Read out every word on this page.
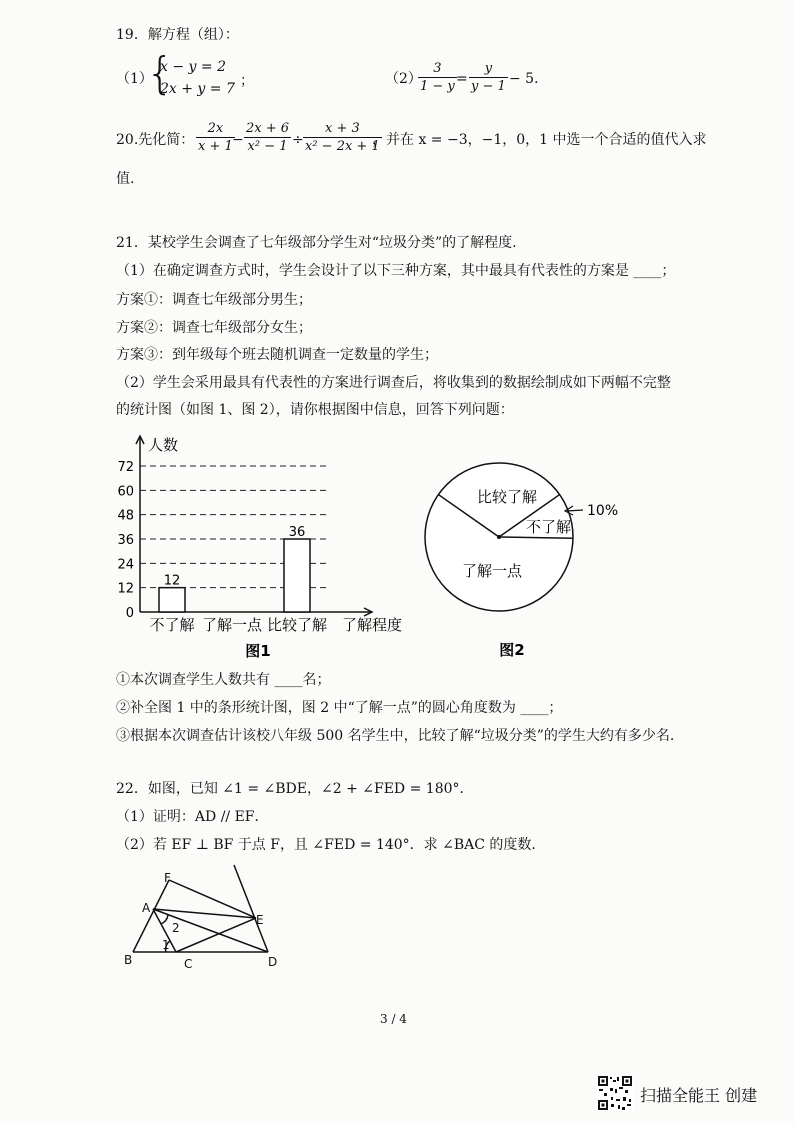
19．解方程（组）：
（1）
{
x − y = 2
2x + y = 7 ；	（2）
$\frac{3}{1 - y} = \frac{y}{y - 1} - 5$．
20.先化简： $\frac{2x}{x + 1}$
− $\frac{2x + 6}{\text{x² − 1}} \div \frac{x + 3}{\text{x² − 2x + 1}}$
，并在 x = −3，−1，0，1 中选一个合适的值代入求
值.
21．某校学生会调查了七年级部分学生对“垃圾分类”的了解程度.
（1）在确定调查方式时，学生会设计了以下三种方案，其中最具有代表性的方案是 ____；
方案①：调查七年级部分男生；
方案②：调查七年级部分女生；
方案③：到年级每个班去随机调查一定数量的学生；
（2）学生会采用最具有代表性的方案进行调查后，将收集到的数据绘制成如下两幅不完整
的统计图（如图 1、图 2），请你根据图中信息，回答下列问题：
0
12
24
36
48
60
72
人数
12
不了解 了解一点
36
比较了解 了解程度
图1
比较了解
不了解
了解一点
10%
图2
①本次调查学生人数共有 ____名；
②补全图 1 中的条形统计图，图 2 中“了解一点”的圆心角度数为 ____；
③根据本次调查估计该校八年级 500 名学生中，比较了解“垃圾分类”的学生大约有多少名.
22．如图，已知 ∠1 = ∠BDE，∠2 + ∠FED = 180°．
（1）证明：AD // EF．
（2）若 EF ⊥ BF 于点 F，且 ∠FED = 140°．求 ∠BAC 的度数.
F
A
E
B	C	D
1
2
3 / 4
扫描全能王 创建
